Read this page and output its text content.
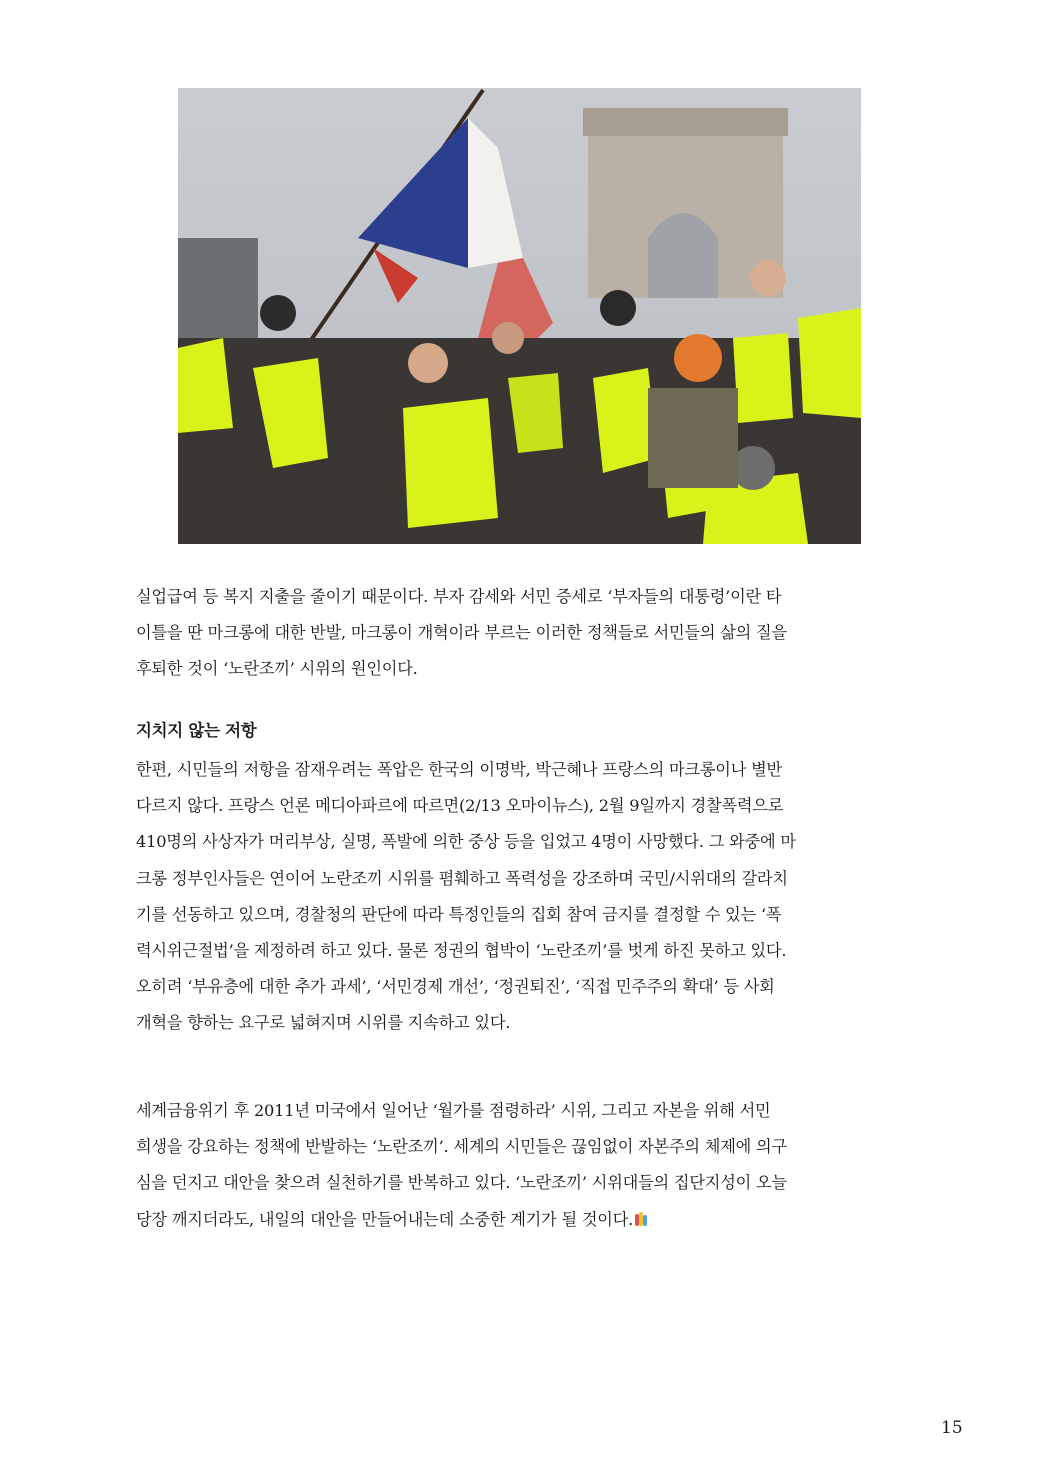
실업급여 등 복지 지출을 줄이기 때문이다. 부자 감세와 서민 증세로 ‘부자들의 대통령’이란 타
이틀을 딴 마크롱에 대한 반발, 마크롱이 개혁이라 부르는 이러한 정책들로 서민들의 삶의 질을
후퇴한 것이 ‘노란조끼’ 시위의 원인이다.

지치지 않는 저항

한편, 시민들의 저항을 잠재우려는 폭압은 한국의 이명박, 박근혜나 프랑스의 마크롱이나 별반
다르지 않다. 프랑스 언론 메디아파르에 따르면(2/13 오마이뉴스), 2월 9일까지 경찰폭력으로
410명의 사상자가 머리부상, 실명, 폭발에 의한 중상 등을 입었고 4명이 사망했다. 그 와중에 마
크롱 정부인사들은 연이어 노란조끼 시위를 폄훼하고 폭력성을 강조하며 국민/시위대의 갈라치
기를 선동하고 있으며, 경찰청의 판단에 따라 특정인들의 집회 참여 금지를 결정할 수 있는 ‘폭
력시위근절법’을 제정하려 하고 있다. 물론 정권의 협박이 ‘노란조끼’를 벗게 하진 못하고 있다.
오히려 ‘부유층에 대한 추가 과세’, ‘서민경제 개선’, ‘정권퇴진’, ‘직접 민주주의 확대’ 등 사회
개혁을 향하는 요구로 넓혀지며 시위를 지속하고 있다.

세계금융위기 후 2011년 미국에서 일어난 ‘월가를 점령하라’ 시위, 그리고 자본을 위해 서민
희생을 강요하는 정책에 반발하는 ‘노란조끼’. 세계의 시민들은 끊임없이 자본주의 체제에 의구
심을 던지고 대안을 찾으려 실천하기를 반복하고 있다. ‘노란조끼’ 시위대들의 집단지성이 오늘
당장 깨지더라도, 내일의 대안을 만들어내는데 소중한 계기가 될 것이다.

15
